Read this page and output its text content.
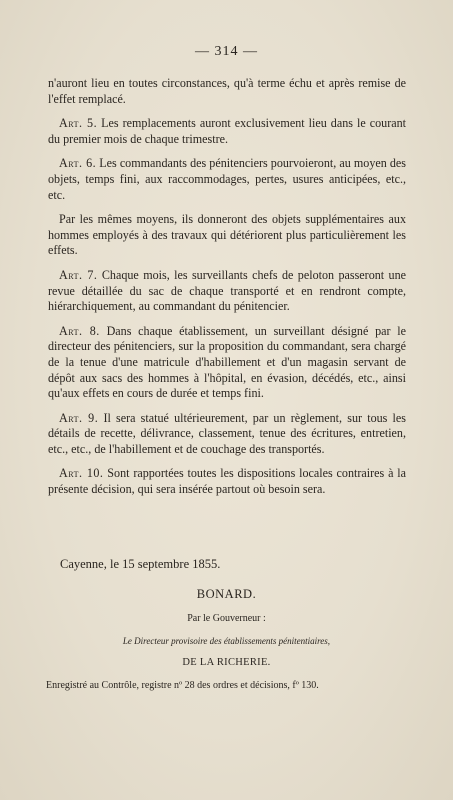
— 314 —

n'auront lieu en toutes circonstances, qu'à terme échu et après remise de l'effet remplacé.

Art. 5. Les remplacements auront exclusivement lieu dans le courant du premier mois de chaque trimestre.

Art. 6. Les commandants des pénitenciers pourvoieront, au moyen des objets, temps fini, aux raccommodages, pertes, usures anticipées, etc., etc.

Par les mêmes moyens, ils donneront des objets supplémentaires aux hommes employés à des travaux qui détériorent plus particulièrement les effets.

Art. 7. Chaque mois, les surveillants chefs de peloton passeront une revue détaillée du sac de chaque transporté et en rendront compte, hiérarchiquement, au commandant du pénitencier.

Art. 8. Dans chaque établissement, un surveillant désigné par le directeur des pénitenciers, sur la proposition du commandant, sera chargé de la tenue d'une matricule d'habillement et d'un magasin servant de dépôt aux sacs des hommes à l'hôpital, en évasion, décédés, etc., ainsi qu'aux effets en cours de durée et temps fini.

Art. 9. Il sera statué ultérieurement, par un règlement, sur tous les détails de recette, délivrance, classement, tenue des écritures, entretien, etc., etc., de l'habillement et de couchage des transportés.

Art. 10. Sont rapportées toutes les dispositions locales contraires à la présente décision, qui sera insérée partout où besoin sera.

Cayenne, le 15 septembre 1855.
BONARD.
Par le Gouverneur :
Le Directeur provisoire des établissements pénitentiaires,
DE LA RICHERIE.
Enregistré au Contrôle, registre nº 28 des ordres et décisions, fº 130.
